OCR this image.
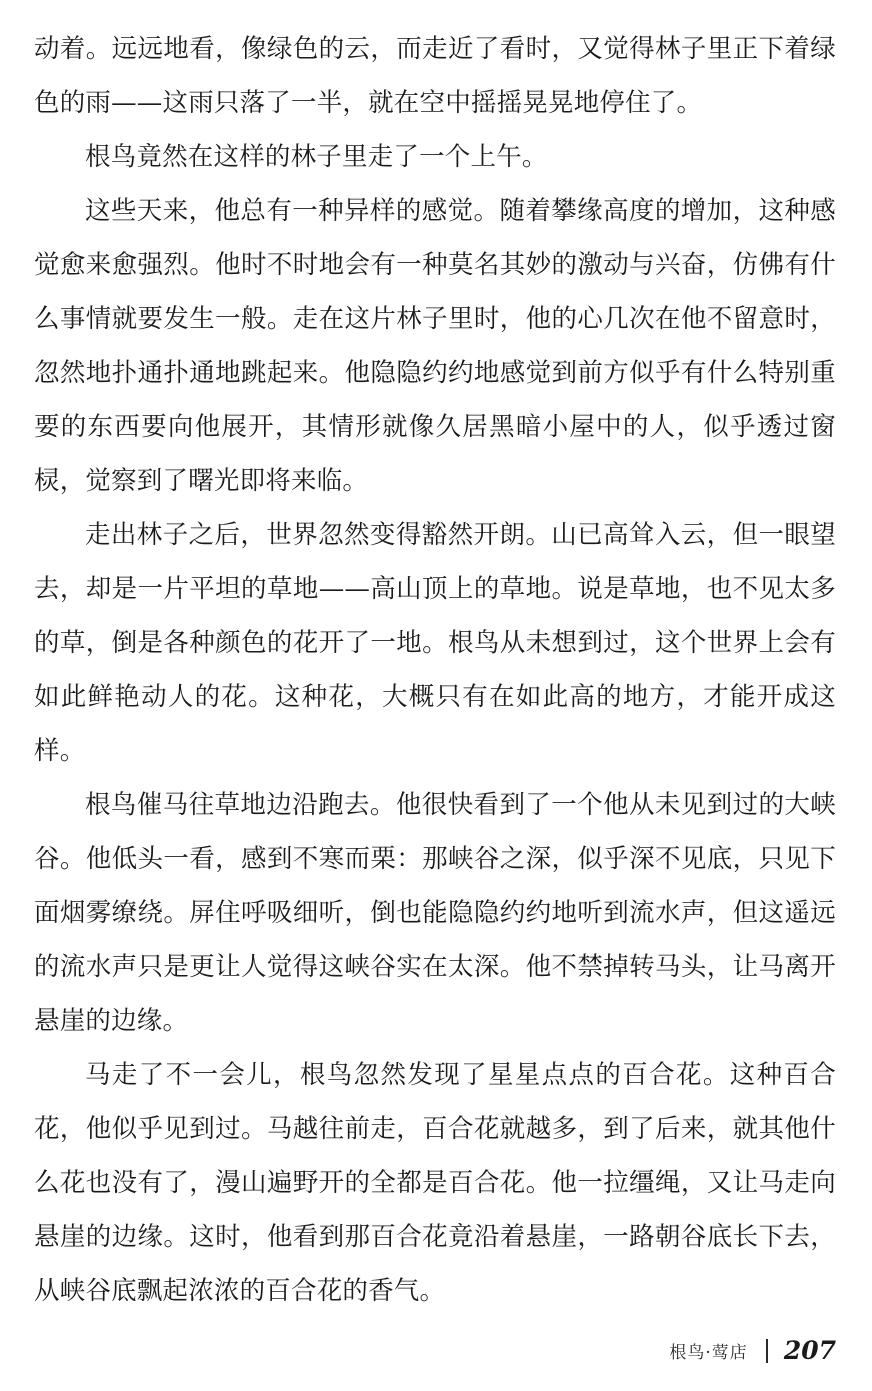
动着。远远地看，像绿色的云，而走近了看时，又觉得林子里正下着绿色的雨——这雨只落了一半，就在空中摇摇晃晃地停住了。

根鸟竟然在这样的林子里走了一个上午。

这些天来，他总有一种异样的感觉。随着攀缘高度的增加，这种感觉愈来愈强烈。他时不时地会有一种莫名其妙的激动与兴奋，仿佛有什么事情就要发生一般。走在这片林子里时，他的心几次在他不留意时，忽然地扑通扑通地跳起来。他隐隐约约地感觉到前方似乎有什么特别重要的东西要向他展开，其情形就像久居黑暗小屋中的人，似乎透过窗棂，觉察到了曙光即将来临。

走出林子之后，世界忽然变得豁然开朗。山已高耸入云，但一眼望去，却是一片平坦的草地——高山顶上的草地。说是草地，也不见太多的草，倒是各种颜色的花开了一地。根鸟从未想到过，这个世界上会有如此鲜艳动人的花。这种花，大概只有在如此高的地方，才能开成这样。

根鸟催马往草地边沿跑去。他很快看到了一个他从未见到过的大峡谷。他低头一看，感到不寒而栗：那峡谷之深，似乎深不见底，只见下面烟雾缭绕。屏住呼吸细听，倒也能隐隐约约地听到流水声，但这遥远的流水声只是更让人觉得这峡谷实在太深。他不禁掉转马头，让马离开悬崖的边缘。

马走了不一会儿，根鸟忽然发现了星星点点的百合花。这种百合花，他似乎见到过。马越往前走，百合花就越多，到了后来，就其他什么花也没有了，漫山遍野开的全都是百合花。他一拉缰绳，又让马走向悬崖的边缘。这时，他看到那百合花竟沿着悬崖，一路朝谷底长下去，从峡谷底飘起浓浓的百合花的香气。

根鸟·莺店 207
